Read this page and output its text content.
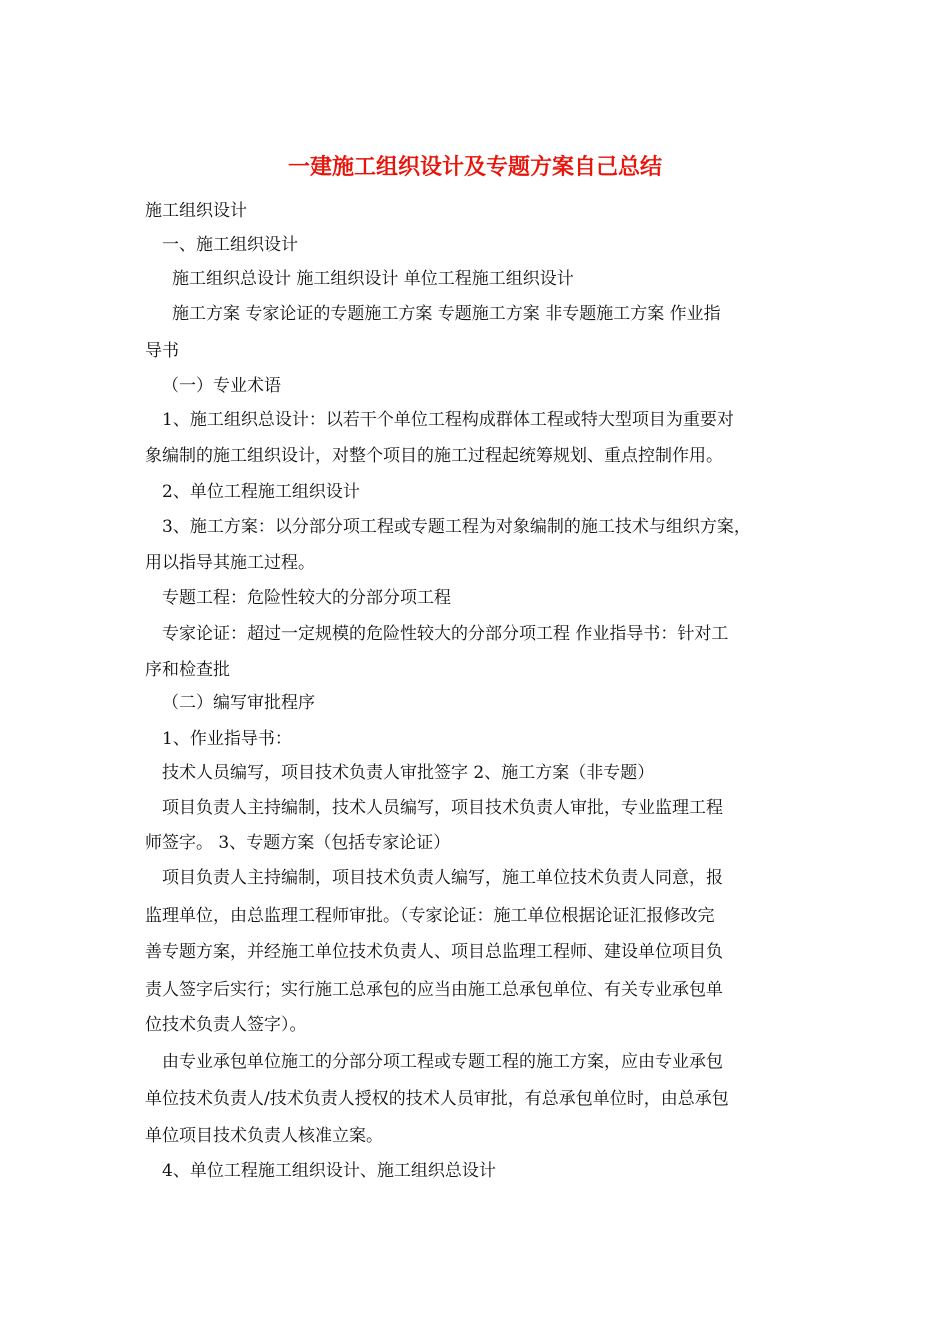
一建施工组织设计及专题方案自己总结
施工组织设计
一、施工组织设计
施工组织总设计 施工组织设计 单位工程施工组织设计
施工方案 专家论证的专题施工方案 专题施工方案 非专题施工方案 作业指
导书
（一）专业术语
1、施工组织总设计：以若干个单位工程构成群体工程或特大型项目为重要对
象编制的施工组织设计，对整个项目的施工过程起统筹规划、重点控制作用。
2、单位工程施工组织设计
3、施工方案：以分部分项工程或专题工程为对象编制的施工技术与组织方案，
用以指导其施工过程。
专题工程：危险性较大的分部分项工程
专家论证：超过一定规模的危险性较大的分部分项工程 作业指导书：针对工
序和检查批
（二）编写审批程序
1、作业指导书：
技术人员编写，项目技术负责人审批签字 2、施工方案（非专题）
项目负责人主持编制，技术人员编写，项目技术负责人审批，专业监理工程
师签字。 3、专题方案（包括专家论证）
项目负责人主持编制，项目技术负责人编写，施工单位技术负责人同意，报
监理单位，由总监理工程师审批。（专家论证：施工单位根据论证汇报修改完
善专题方案，并经施工单位技术负责人、项目总监理工程师、建设单位项目负
责人签字后实行；实行施工总承包的应当由施工总承包单位、有关专业承包单
位技术负责人签字）。
由专业承包单位施工的分部分项工程或专题工程的施工方案，应由专业承包
单位技术负责人/技术负责人授权的技术人员审批，有总承包单位时，由总承包
单位项目技术负责人核准立案。
4、单位工程施工组织设计、施工组织总设计
